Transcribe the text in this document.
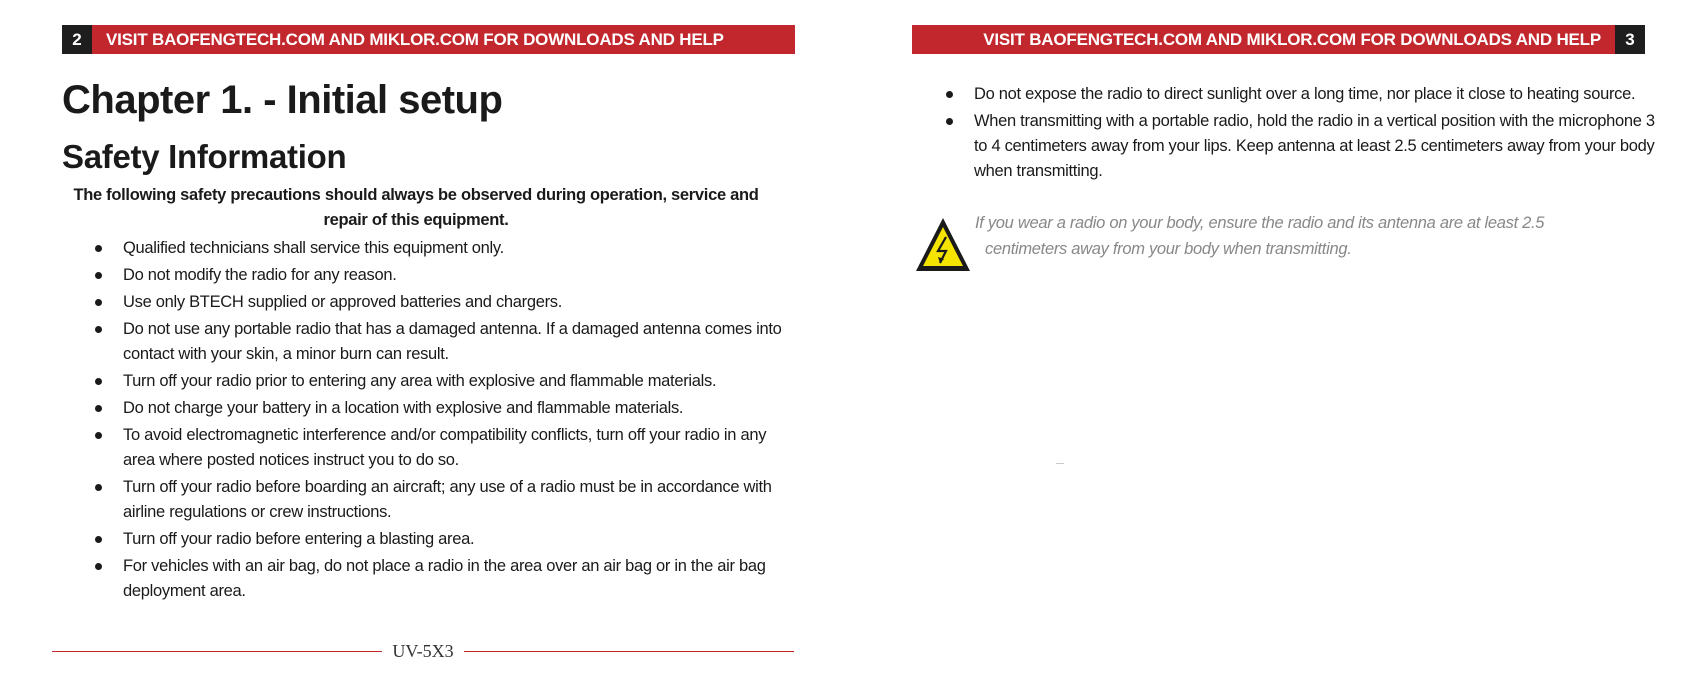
2	VISIT BAOFENGTECH.COM AND MIKLOR.COM FOR DOWNLOADS AND HELP
Chapter 1. - Initial setup
Safety Information

The following safety precautions should always be observed during operation, service and repair of this equipment.

Qualified technicians shall service this equipment only.
Do not modify the radio for any reason.
Use only BTECH supplied or approved batteries and chargers.
Do not use any portable radio that has a damaged antenna. If a damaged antenna comes into contact with your skin, a minor burn can result.
Turn off your radio prior to entering any area with explosive and flammable materials.
Do not charge your battery in a location with explosive and flammable materials.
To avoid electromagnetic interference and/or compatibility conflicts, turn off your radio in any area where posted notices instruct you to do so.
Turn off your radio before boarding an aircraft; any use of a radio must be in accordance with airline regulations or crew instructions.
Turn off your radio before entering a blasting area.
For vehicles with an air bag, do not place a radio in the area over an air bag or in the air bag deployment area.
UV-5X3
VISIT BAOFENGTECH.COM AND MIKLOR.COM FOR DOWNLOADS AND HELP	3
Do not expose the radio to direct sunlight over a long time, nor place it close to heating source.
When transmitting with a portable radio, hold the radio in a vertical position with the microphone 3 to 4 centimeters away from your lips. Keep antenna at least 2.5 centimeters away from your body when transmitting.

If you wear a radio on your body, ensure the radio and its antenna are at least 2.5
centimeters away from your body when transmitting.
